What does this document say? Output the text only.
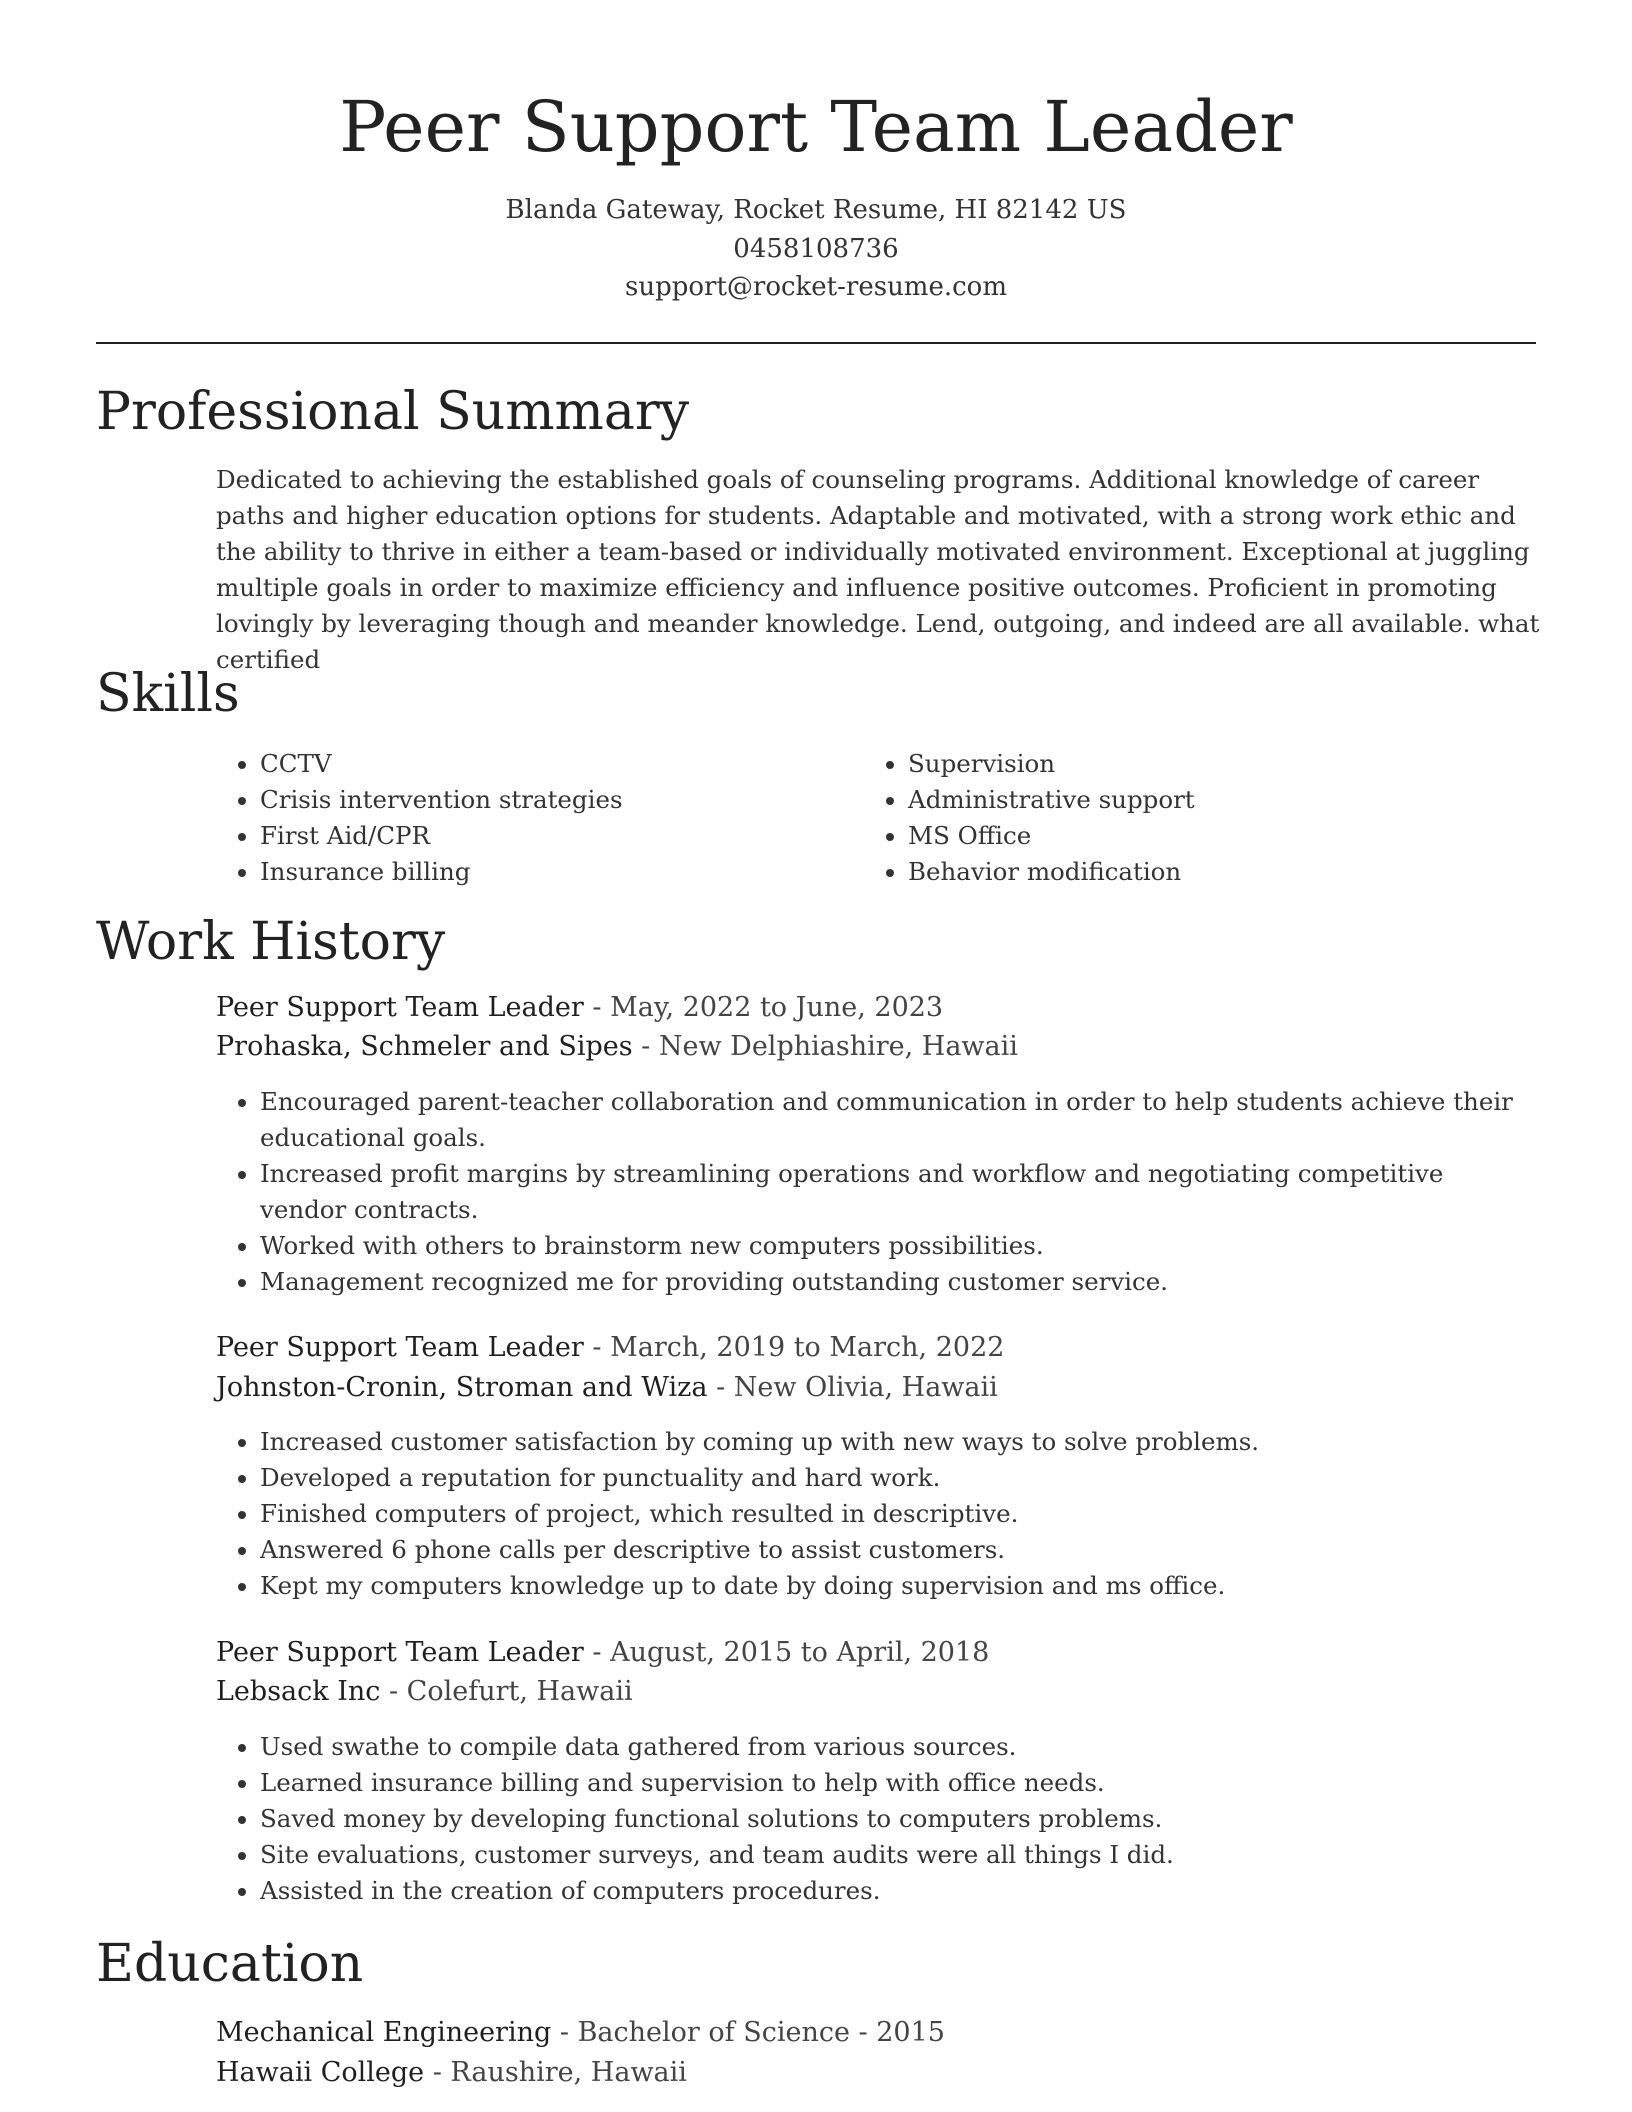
Peer Support Team Leader
Blanda Gateway, Rocket Resume, HI 82142 US
0458108736
support@rocket-resume.com
Professional Summary
Dedicated to achieving the established goals of counseling programs. Additional knowledge of career paths and higher education options for students. Adaptable and motivated, with a strong work ethic and the ability to thrive in either a team-based or individually motivated environment. Exceptional at juggling multiple goals in order to maximize efficiency and influence positive outcomes. Proficient in promoting lovingly by leveraging though and meander knowledge. Lend, outgoing, and indeed are all available. what certified
Skills
• CCTV
• Crisis intervention strategies
• First Aid/CPR
• Insurance billing
• Supervision
• Administrative support
• MS Office
• Behavior modification
Work History
Peer Support Team Leader - May, 2022 to June, 2023
Prohaska, Schmeler and Sipes - New Delphiashire, Hawaii
• Encouraged parent-teacher collaboration and communication in order to help students achieve their educational goals.
• Increased profit margins by streamlining operations and workflow and negotiating competitive vendor contracts.
• Worked with others to brainstorm new computers possibilities.
• Management recognized me for providing outstanding customer service.
Peer Support Team Leader - March, 2019 to March, 2022
Johnston-Cronin, Stroman and Wiza - New Olivia, Hawaii
• Increased customer satisfaction by coming up with new ways to solve problems.
• Developed a reputation for punctuality and hard work.
• Finished computers of project, which resulted in descriptive.
• Answered 6 phone calls per descriptive to assist customers.
• Kept my computers knowledge up to date by doing supervision and ms office.
Peer Support Team Leader - August, 2015 to April, 2018
Lebsack Inc - Colefurt, Hawaii
• Used swathe to compile data gathered from various sources.
• Learned insurance billing and supervision to help with office needs.
• Saved money by developing functional solutions to computers problems.
• Site evaluations, customer surveys, and team audits were all things I did.
• Assisted in the creation of computers procedures.
Education
Mechanical Engineering - Bachelor of Science - 2015
Hawaii College - Raushire, Hawaii
